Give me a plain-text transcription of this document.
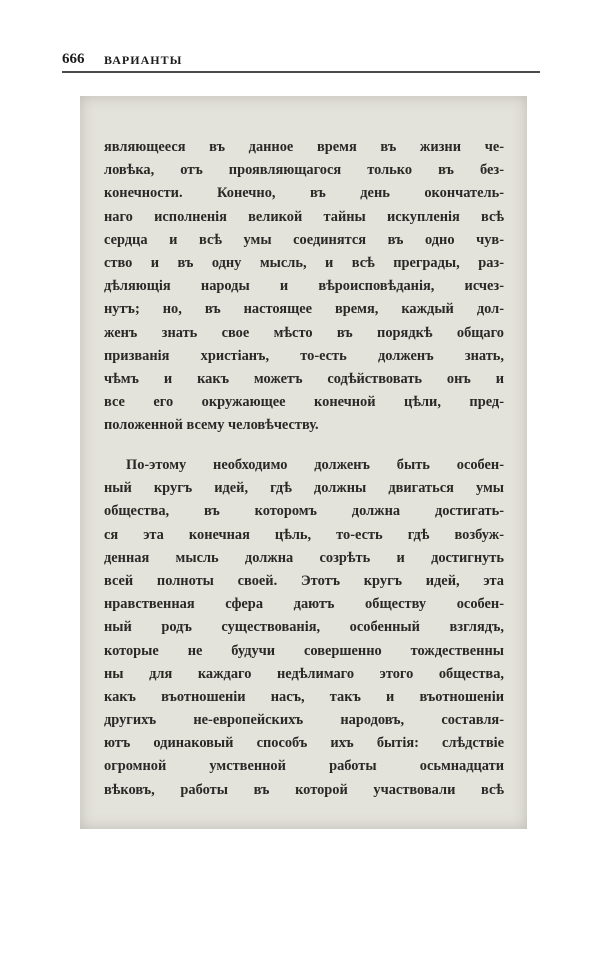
666 ВАРИАНТЫ

являющееся въ данное время въ жизни че-
ловѣка, отъ проявляющагося только въ без-
конечности. Конечно, въ день окончатель-
наго исполненія великой тайны искупленія всѣ
сердца и всѣ умы соединятся въ одно чув-
ство и въ одну мысль, и всѣ преграды, раз-
дѣляющія народы и вѣроисповѣданія, исчез-
нутъ; но, въ настоящее время, каждый дол-
женъ знать свое мѣсто въ порядкѣ общаго
призванія христіанъ, то-есть долженъ знать,
чѣмъ и какъ можетъ содѣйствовать онъ и
все его окружающее конечной цѣли, пред-
положенной всему человѣчеству.

По-этому необходимо долженъ быть особен-
ный кругъ идей, гдѣ должны двигаться умы
общества, въ которомъ должна достигать-
ся эта конечная цѣль, то-есть гдѣ возбуж-
денная мысль должна созрѣть и достигнуть
всей полноты своей. Этотъ кругъ идей, эта
нравственная сфера даютъ обществу особен-
ный родъ существованія, особенный взглядъ,
которые не будучи совершенно тождественны
ны для каждаго недѣлимаго этого общества,
какъ въотношеніи насъ, такъ и въотношеніи
другихъ не-европейскихъ народовъ, составля-
ютъ одинаковый способъ ихъ бытія: слѣдствіе
огромной умственной работы осьмнадцати
вѣковъ, работы въ которой участвовали всѣ
